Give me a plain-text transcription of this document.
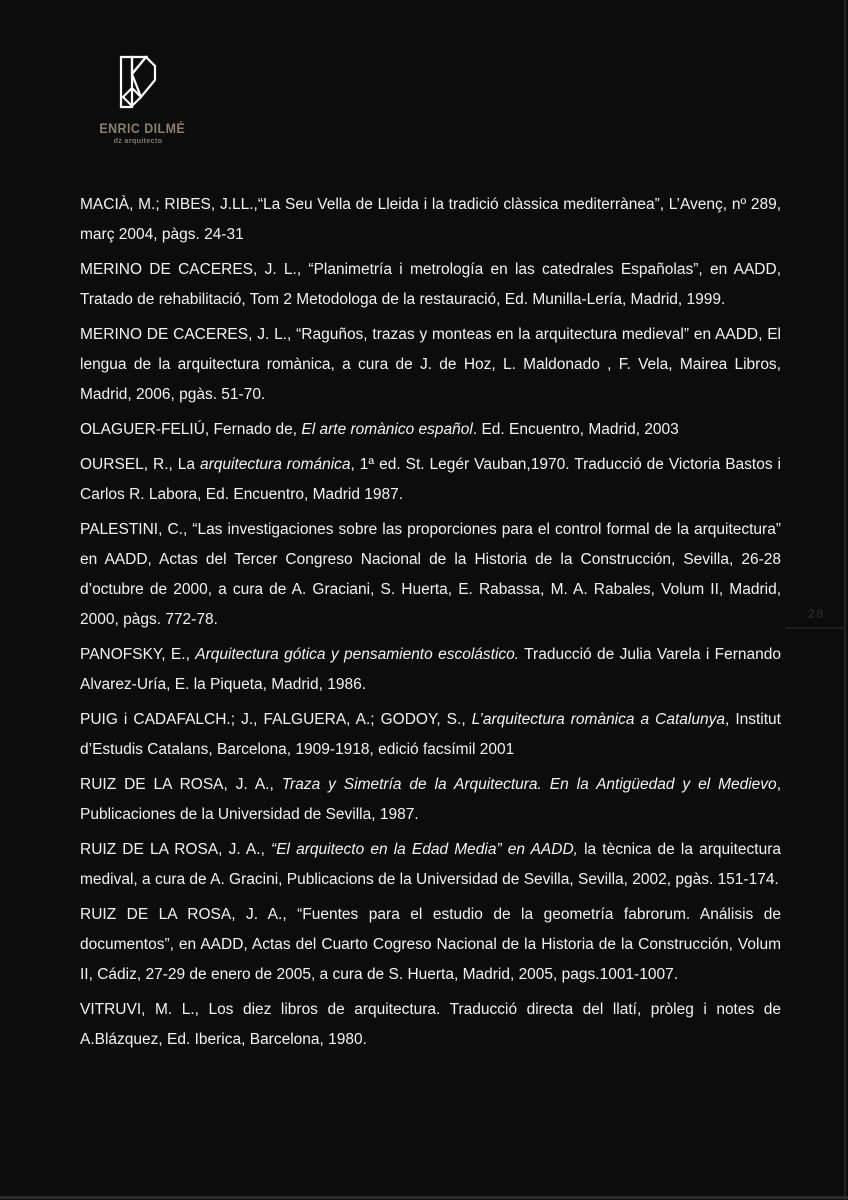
ENRIC DILMÉ
dz arquitecto

MACIÀ, M.; RIBES, J.LL.,“La Seu Vella de Lleida i la tradició clàssica mediterrànea”, L’Avenç, nº 289, març 2004, pàgs. 24-31

MERINO DE CACERES, J. L., “Planimetría i metrología en las catedrales Españolas”, en AADD, Tratado de rehabilitació, Tom 2 Metodologa de la restauració, Ed. Munilla-Lería, Madrid, 1999.

MERINO DE CACERES, J. L., “Raguños, trazas y monteas en la arquitectura medieval” en AADD, El lengua de la arquitectura romànica, a cura de J. de Hoz, L. Maldonado , F. Vela, Mairea Libros, Madrid, 2006, pgàs. 51-70.

OLAGUER-FELIÚ, Fernado de, El arte romànico español. Ed. Encuentro, Madrid, 2003

OURSEL, R., La arquitectura románica, 1ª ed. St. Legér Vauban,1970. Traducció de Victoria Bastos i Carlos R. Labora, Ed. Encuentro, Madrid 1987.

PALESTINI, C., “Las investigaciones sobre las proporciones para el control formal de la arquitectura” en AADD, Actas del Tercer Congreso Nacional de la Historia de la Construcción, Sevilla, 26-28 d’octubre de 2000, a cura de A. Graciani, S. Huerta, E. Rabassa, M. A. Rabales, Volum II, Madrid, 2000, pàgs. 772-78.

PANOFSKY, E., Arquitectura gótica y pensamiento escolástico. Traducció de Julia Varela i Fernando Alvarez-Uría, E. la Piqueta, Madrid, 1986.

PUIG i CADAFALCH.; J., FALGUERA, A.; GODOY, S., L’arquitectura romànica a Catalunya, Institut d’Estudis Catalans, Barcelona, 1909-1918, edició facsímil 2001

RUIZ DE LA ROSA, J. A., Traza y Simetría de la Arquitectura. En la Antigüedad y el Medievo, Publicaciones de la Universidad de Sevilla, 1987.

RUIZ DE LA ROSA, J. A., “El arquitecto en la Edad Media” en AADD, la tècnica de la arquitectura medival, a cura de A. Gracini, Publicacions de la Universidad de Sevilla, Sevilla, 2002, pgàs. 151-174.

RUIZ DE LA ROSA, J. A., “Fuentes para el estudio de la geometría fabrorum. Análisis de documentos”, en AADD, Actas del Cuarto Cogreso Nacional de la Historia de la Construcción, Volum II, Cádiz, 27-29 de enero de 2005, a cura de S. Huerta, Madrid, 2005, pags.1001-1007.

VITRUVI, M. L., Los diez libros de arquitectura. Traducció directa del llatí, pròleg i notes de A.Blázquez, Ed. Iberica, Barcelona, 1980.

28
